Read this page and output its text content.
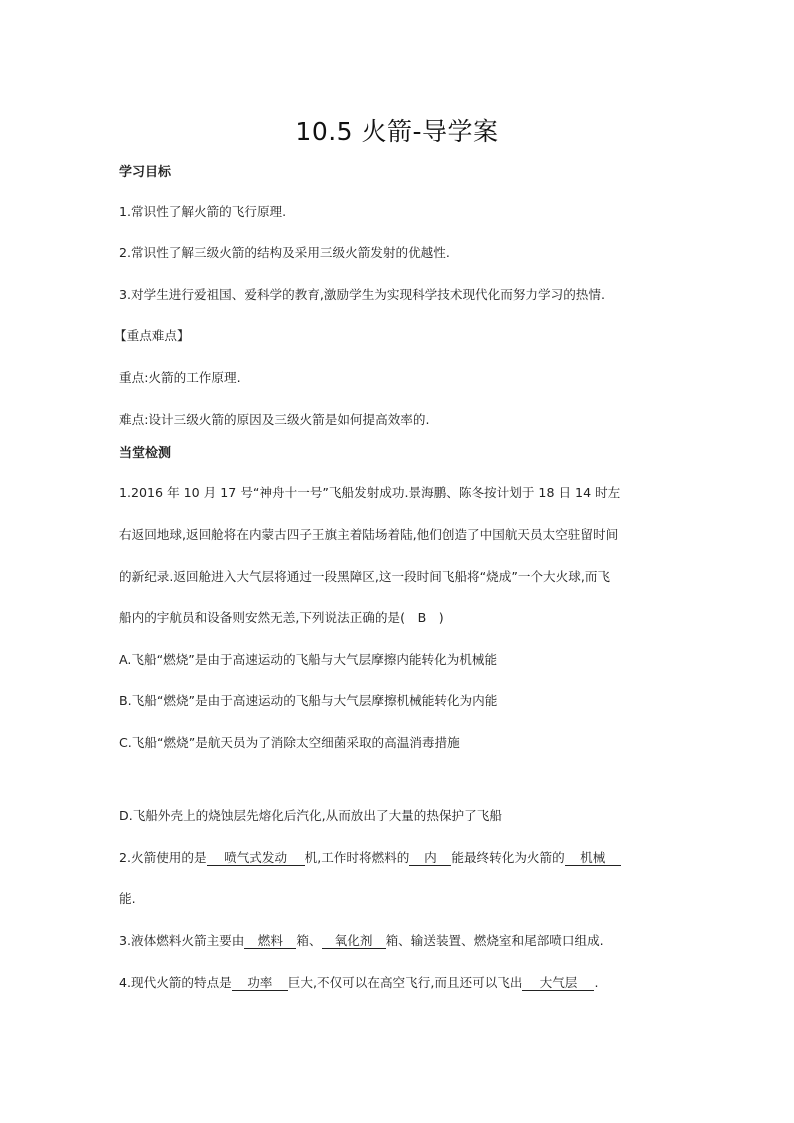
10.5 火箭-导学案
学习目标
1.常识性了解火箭的飞行原理.
2.常识性了解三级火箭的结构及采用三级火箭发射的优越性.
3.对学生进行爱祖国、爱科学的教育,激励学生为实现科学技术现代化而努力学习的热情.
【重点难点】
重点:火箭的工作原理.
难点:设计三级火箭的原因及三级火箭是如何提高效率的.
当堂检测
1.2016 年 10 月 17 号“神舟十一号”飞船发射成功.景海鹏、陈冬按计划于 18 日 14 时左
右返回地球,返回舱将在内蒙古四子王旗主着陆场着陆,他们创造了中国航天员太空驻留时间
的新纪录.返回舱进入大气层将通过一段黑障区,这一段时间飞船将“烧成”一个大火球,而飞
船内的宇航员和设备则安然无恙,下列说法正确的是(　B　)
A.飞船“燃烧”是由于高速运动的飞船与大气层摩擦内能转化为机械能
B.飞船“燃烧”是由于高速运动的飞船与大气层摩擦机械能转化为内能
C.飞船“燃烧”是航天员为了消除太空细菌采取的高温消毒措施
D.飞船外壳上的烧蚀层先熔化后汽化,从而放出了大量的热保护了飞船
2.火箭使用的是 喷气式发动 机,工作时将燃料的 内 能最终转化为火箭的 机械
能.
3.液体燃料火箭主要由 燃料 箱、 氧化剂 箱、输送装置、燃烧室和尾部喷口组成.
4.现代火箭的特点是 功率 巨大,不仅可以在高空飞行,而且还可以飞出 大气层 .
